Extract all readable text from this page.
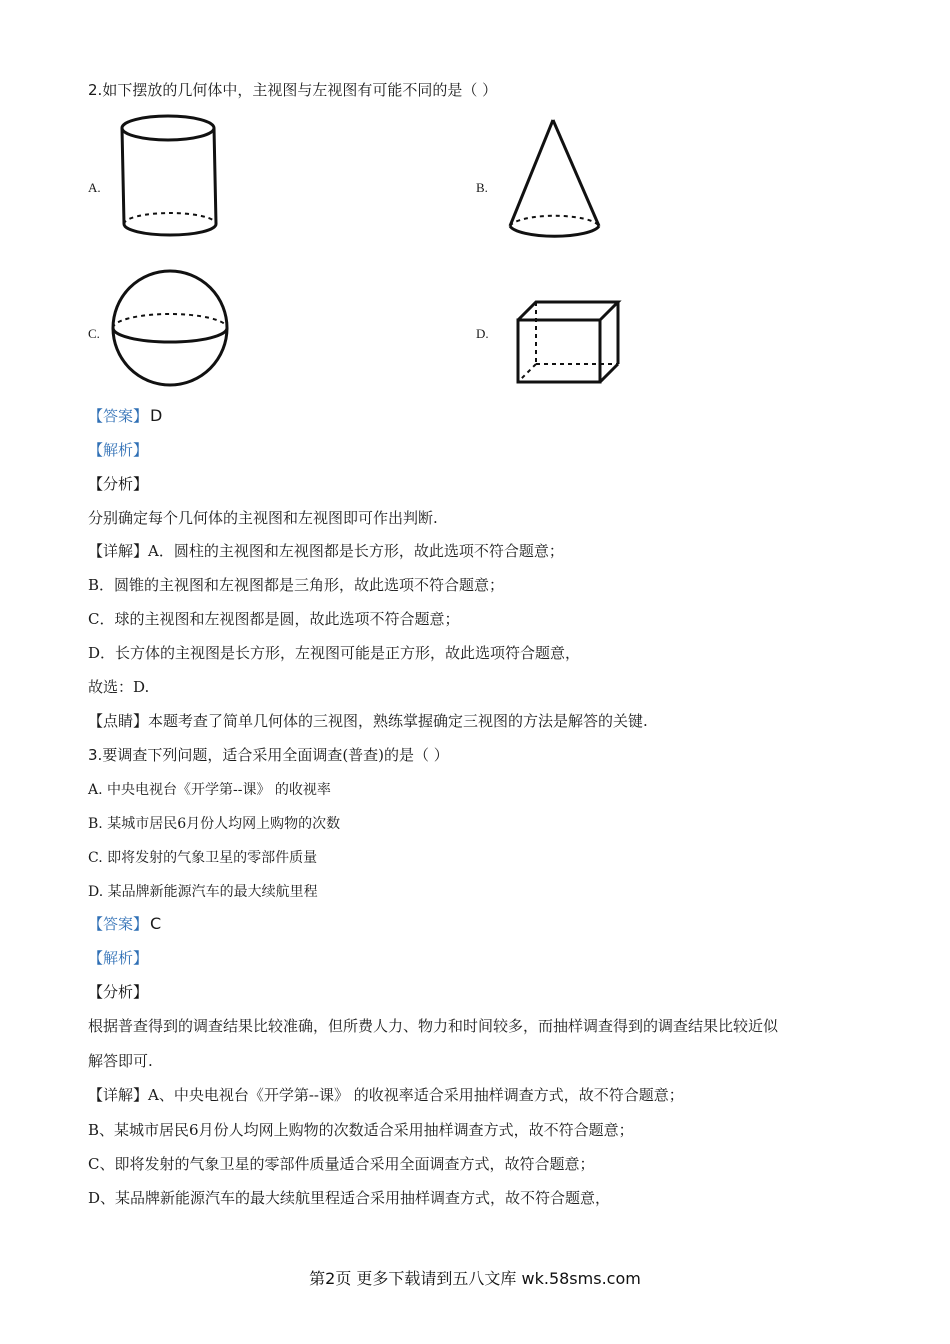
2.如下摆放的几何体中，主视图与左视图有可能不同的是（ ）
A.	B.
C.	D.
【答案】 D
【解析】
【分析】
分别确定每个几何体的主视图和左视图即可作出判断.
【详解】A．圆柱的主视图和左视图都是长方形，故此选项不符合题意；
B．圆锥的主视图和左视图都是三角形，故此选项不符合题意；
C．球的主视图和左视图都是圆，故此选项不符合题意；
D．长方体的主视图是长方形，左视图可能是正方形，故此选项符合题意，
故选：D.
【点睛】本题考查了简单几何体的三视图，熟练掌握确定三视图的方法是解答的关键.
3.要调查下列问题，适合采用全面调查(普查)的是（ ）
A. 中央电视台《开学第--课》 的收视率
B. 某城市居民6月份人均网上购物的次数
C. 即将发射的气象卫星的零部件质量
D. 某品牌新能源汽车的最大续航里程
【答案】 C
【解析】
【分析】
根据普查得到的调查结果比较准确，但所费人力、物力和时间较多，而抽样调查得到的调查结果比较近似
解答即可.
【详解】A、中央电视台《开学第--课》 的收视率适合采用抽样调查方式，故不符合题意；
B、某城市居民6月份人均网上购物的次数适合采用抽样调查方式，故不符合题意；
C、即将发射的气象卫星的零部件质量适合采用全面调查方式，故符合题意；
D、某品牌新能源汽车的最大续航里程适合采用抽样调查方式，故不符合题意，
第2页 更多下载请到五八文库 wk.58sms.com
